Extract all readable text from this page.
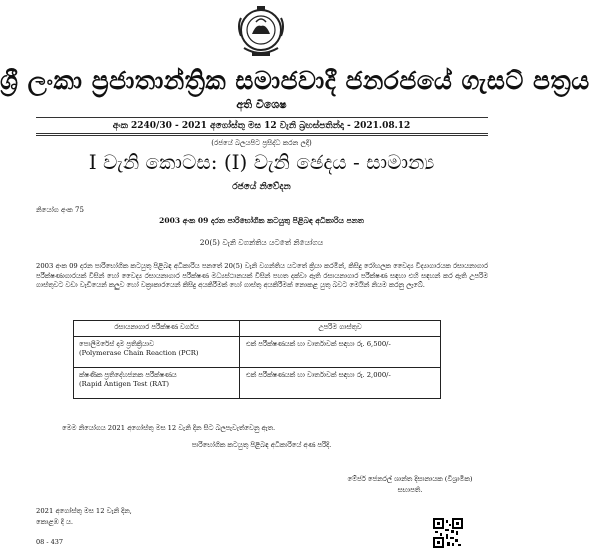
ශ්‍රී ලංකා ප්‍රජාතාන්ත්‍රික සමාජවාදී ජනරජයේ ගැසට් පත්‍රය
අති විශෙෂ
අංක 2240/30 - 2021 අගෝස්තු මස 12 වැනි බ්‍රහස්පතින්දා - 2021.08.12
(රජයේ බලයපිට ප්‍රසිද්ධ කරන ලදී)
I වැනි කොටස: (I) වැනි ඡෙදය - සාමාන්‍ය
රජයේ නිවේදන
නියෝග අංක 75
2003 අංක 09 දරන පාරිභෝගික කටයුතු පිළිබඳ අධිකාරිය පනත
20(5) වැනි වගන්තිය යටතේ නියෝගය
2003 අංක 09 දරන පාරිභෝගික කටයුතු පිළිබඳ අධිකාරිය පනතේ 20(5) වැනි වගන්තිය යටතේ ක්‍රියා කරමින්, කිසිදු රෝහලක වෛද්‍ය විද්‍යාගාරයක රසායනාගාර පරීක්ෂණාගාරයක් විසින් හෝ වෛද්‍ය රසායනාගාර පරීක්ෂණ මධ්‍යස්ථානයක් විසින් පහත දක්වා ඇති රසායනාගාර පරීක්ෂණ සඳහා එහි සඳහන් කර ඇති උපරිම ගාස්තුවට වඩා වැඩියෙන් කලුව හෝ වක්‍රාකාරයෙන් කිසිදු අයකිරීමක් හෝ ගාස්තු අයකිරීමක් නොකළ යුතු බවට මෙයින් නියම කරනු ලැබේ.
රසායනාගාර පරීක්ෂණ වර්ගය	උපරිම ගාස්තුව

පොලිමරේස් දාම ප්‍රතික්‍රියාව
(Polymerase Chain Reaction (PCR)	එක් පරීක්ෂණයක් හා වාර්තාවක් සඳහා රු. 6,500/-

ක්ෂණික ප්‍රතිදේහජනක පරීක්ෂණය
(Rapid Antigen Test (RAT)	එක් පරීක්ෂණයක් හා වාර්තාවක් සඳහා රු. 2,000/-
මෙම නියෝගය 2021 අගෝස්තු මස 12 වැනි දින සිට බලපැවැත්වෙනු ඇත.
පාරිභෝගික කටයුතු පිළිබඳ අධිකාරියේ අණ පරිදි.
මේජර් ජෙනරල් ශාන්ත දිසානායක (විශ්‍රාමික)
සභාපති.
2021 අගෝස්තු මස 12 වැනි දින,
කොළඹ දී ය.
08 - 437
